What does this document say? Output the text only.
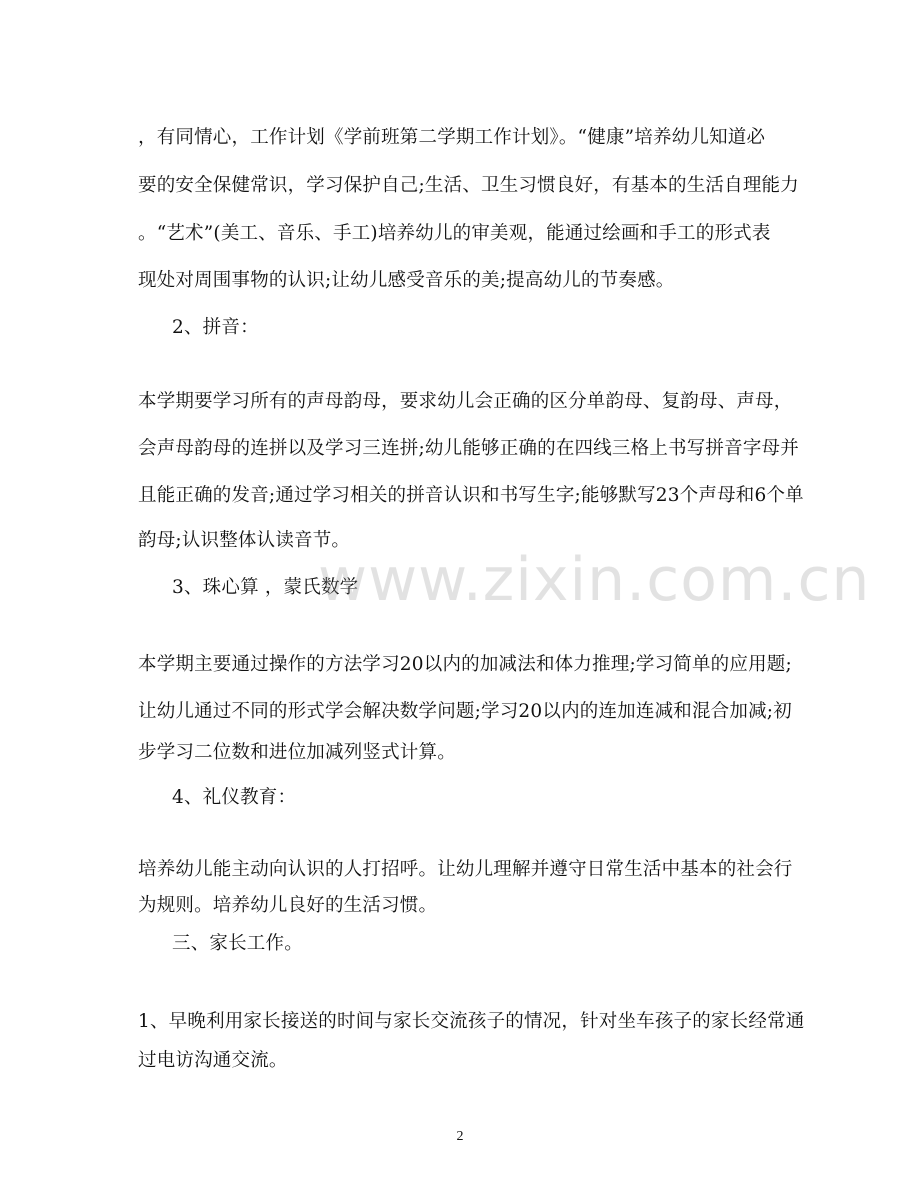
，有同情心，工作计划《学前班第二学期工作计划》。“健康”培养幼儿知道必
要的安全保健常识，学习保护自己;生活、卫生习惯良好，有基本的生活自理能力
。“艺术”(美工、音乐、手工)培养幼儿的审美观，能通过绘画和手工的形式表
现处对周围事物的认识;让幼儿感受音乐的美;提高幼儿的节奏感。
2、拼音：
本学期要学习所有的声母韵母，要求幼儿会正确的区分单韵母、复韵母、声母，
会声母韵母的连拼以及学习三连拼;幼儿能够正确的在四线三格上书写拼音字母并
且能正确的发音;通过学习相关的拼音认识和书写生字;能够默写23个声母和6个单
韵母;认识整体认读音节。
3、珠心算 ，蒙氏数学
本学期主要通过操作的方法学习20以内的加减法和体力推理;学习简单的应用题;
让幼儿通过不同的形式学会解决数学问题;学习20以内的连加连减和混合加减;初
步学习二位数和进位加减列竖式计算。
4、礼仪教育：
培养幼儿能主动向认识的人打招呼。让幼儿理解并遵守日常生活中基本的社会行
为规则。培养幼儿良好的生活习惯。
三、家长工作。
1、早晚利用家长接送的时间与家长交流孩子的情况，针对坐车孩子的家长经常通
过电访沟通交流。
www.zixin.com.cn
2
